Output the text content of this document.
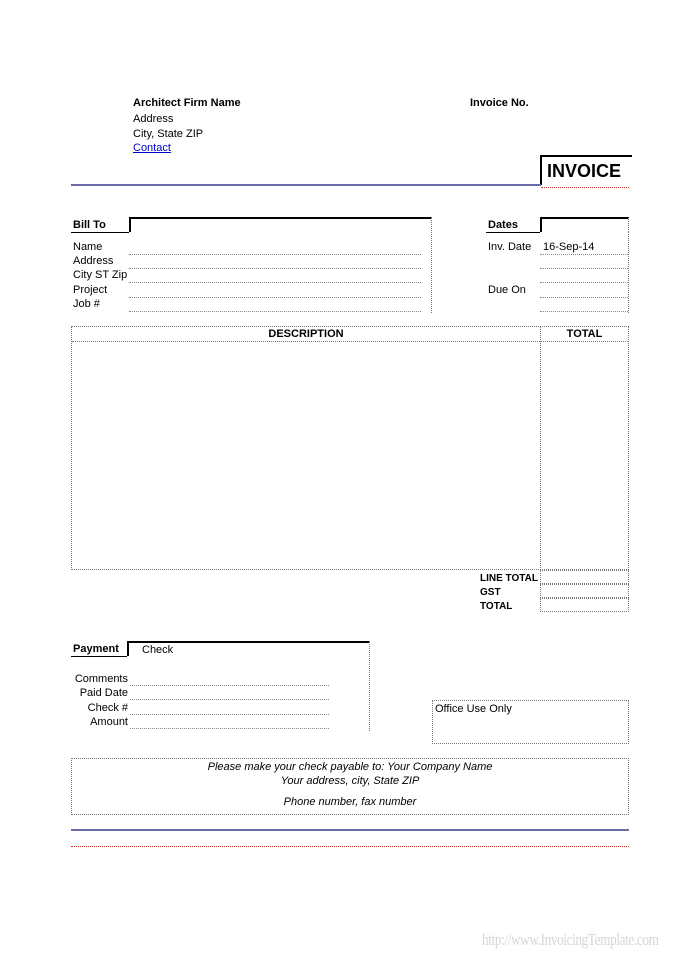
Architect Firm Name
Address
City, State ZIP
Contact
Invoice No.
INVOICE
Bill To
Name
Address
City ST Zip
Project
Job #
Dates
Inv. Date 16-Sep-14
Due On
DESCRIPTION	TOTAL
LINE TOTAL
GST
TOTAL
Payment Check
Comments
Paid Date
Check #
Amount
Office Use Only
Please make your check payable to: Your Company Name
Your address, city, State ZIP
Phone number, fax number
http://www.InvoicingTemplate.com
